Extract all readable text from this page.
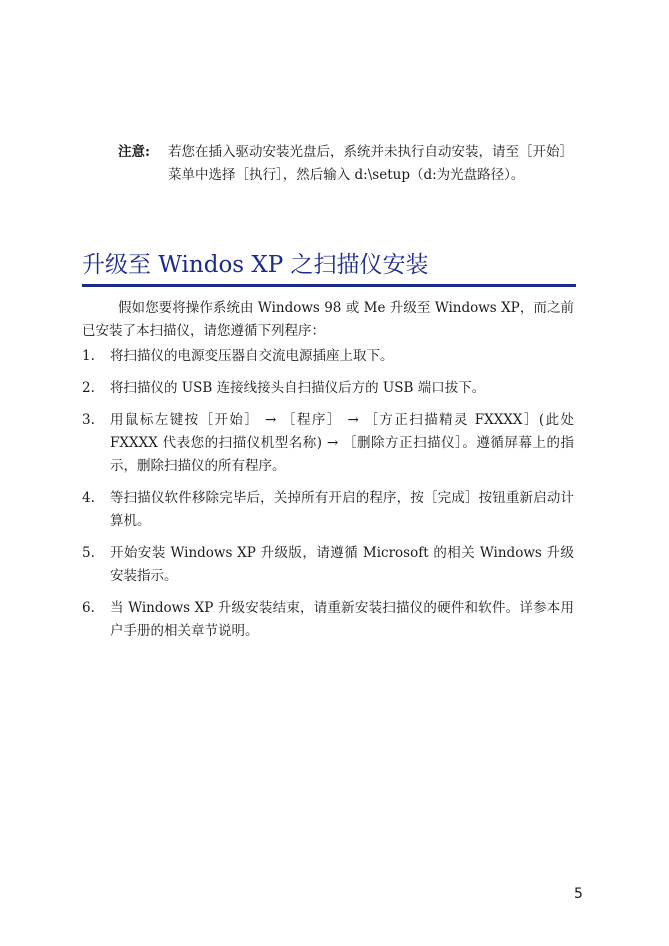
注意:	若您在插入驱动安装光盘后，系统并未执行自动安装，请至［开始］菜单中选择［执行］，然后输入 d:\setup（d:为光盘路径）。
升级至 Windos XP 之扫描仪安装
假如您要将操作系统由 Windows 98 或 Me 升级至 Windows XP，而之前已安装了本扫描仪，请您遵循下列程序：
1.	将扫描仪的电源变压器自交流电源插座上取下。
2.	将扫描仪的 USB 连接线接头自扫描仪后方的 USB 端口拔下。
3.	用鼠标左键按［开始］ → ［程序］ → ［方正扫描精灵 FXXXX］(此处 FXXXX 代表您的扫描仪机型名称) → ［删除方正扫描仪］。遵循屏幕上的指示，删除扫描仪的所有程序。
4.	等扫描仪软件移除完毕后，关掉所有开启的程序，按［完成］按钮重新启动计算机。
5.	开始安装 Windows XP 升级版，请遵循 Microsoft 的相关 Windows 升级安装指示。
6.	当 Windows XP 升级安装结束，请重新安装扫描仪的硬件和软件。详参本用户手册的相关章节说明。
5
